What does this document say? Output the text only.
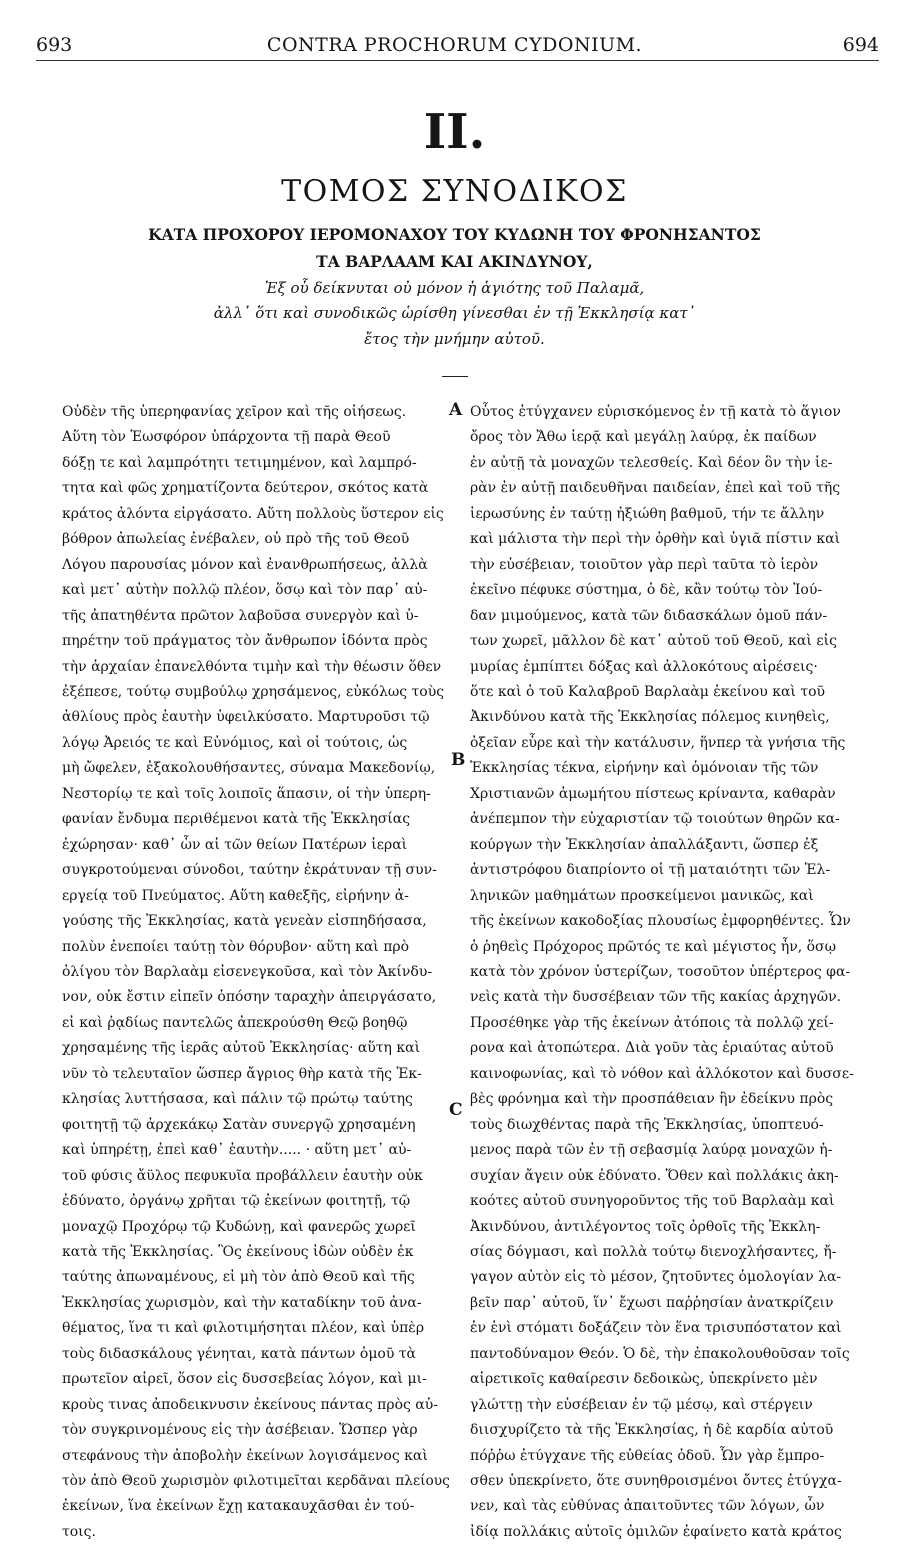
693	CONTRA PROCHORUM CYDONIUM.	694
II.
ΤΟΜΟΣ ΣΥΝΟΔΙΚΟΣ
ΚΑΤΑ ΠΡΟΧΟΡΟΥ ΙΕΡΟΜΟΝΑΧΟΥ ΤΟΥ ΚΥΔΩΝΗ ΤΟΥ ΦΡΟΝΗΣΑΝΤΟΣ
ΤΑ ΒΑΡΛΑΑΜ ΚΑΙ ΑΚΙΝΔΥΝΟΥ,
Ἐξ οὗ δείκνυται οὐ μόνον ἡ ἁγιότης τοῦ Παλαμᾶ,
ἀλλ᾿ ὅτι καὶ συνοδικῶς ὡρίσθη γίνεσθαι ἐν τῇ Ἐκκλησίᾳ κατ᾿
ἔτος τὴν μνήμην αὐτοῦ.
Οὐδὲν τῆς ὑπερηφανίας χεῖρον καὶ τῆς οἰήσεως.
Αὕτη τὸν Ἑωσφόρον ὑπάρχοντα τῇ παρὰ Θεοῦ
δόξῃ τε καὶ λαμπρότητι τετιμημένον, καὶ λαμπρό-
τητα καὶ φῶς χρηματίζοντα δεύτερον, σκότος κατὰ
κράτος ἀλόντα εἰργάσατο. Αὕτη πολλοὺς ὕστερον εἰς
βόθρον ἀπωλείας ἐνέβαλεν, οὐ πρὸ τῆς τοῦ Θεοῦ
Λόγου παρουσίας μόνον καὶ ἐνανθρωπήσεως, ἀλλὰ
καὶ μετ᾿ αὐτὴν πολλῷ πλέον, ὅσῳ καὶ τὸν παρ᾿ αὐ-
τῆς ἀπατηθέντα πρῶτον λαβοῦσα συνεργὸν καὶ ὑ-
πηρέτην τοῦ πράγματος τὸν ἄνθρωπον ἰδόντα πρὸς
τὴν ἀρχαίαν ἐπανελθόντα τιμὴν καὶ τὴν θέωσιν ὅθεν
ἐξέπεσε, τούτῳ συμβούλῳ χρησάμενος, εὐκόλως τοὺς
ἀθλίους πρὸς ἑαυτὴν ὑφειλκύσατο. Μαρτυροῦσι τῷ
λόγῳ Ἀρειός τε καὶ Εὐνόμιος, καὶ οἱ τούτοις, ὡς
μὴ ὤφελεν, ἐξακολουθήσαντες, σύναμα Μακεδονίῳ,
Νεστορίῳ τε καὶ τοῖς λοιποῖς ἅπασιν, οἱ τὴν ὑπερη-
φανίαν ἔνδυμα περιθέμενοι κατὰ τῆς Ἐκκλησίας
ἐχώρησαν· καθ᾿ ὧν αἱ τῶν θείων Πατέρων ἱεραὶ
συγκροτούμεναι σύνοδοι, ταύτην ἐκράτυναν τῇ συν-
εργείᾳ τοῦ Πνεύματος. Αὕτη καθεξῆς, εἰρήνην ἀ-
γούσης τῆς Ἐκκλησίας, κατὰ γενεὰν εἰσπηδήσασα,
πολὺν ἐνεποίει ταύτῃ τὸν θόρυβον· αὕτη καὶ πρὸ
ὀλίγου τὸν Βαρλαὰμ εἰσενεγκοῦσα, καὶ τὸν Ἀκίνδυ-
νον, οὐκ ἔστιν εἰπεῖν ὁπόσην ταραχὴν ἀπειργάσατο,
εἰ καὶ ῥᾳδίως παντελῶς ἀπεκρούσθη Θεῷ βοηθῷ
χρησαμένης τῆς ἱερᾶς αὐτοῦ Ἐκκλησίας· αὕτη καὶ
νῦν τὸ τελευταῖον ὥσπερ ἄγριος θὴρ κατὰ τῆς Ἐκ-
κλησίας λυττήσασα, καὶ πάλιν τῷ πρώτῳ ταύτης
φοιτητῇ τῷ ἀρχεκάκῳ Σατὰν συνεργῷ χρησαμένη
καὶ ὑπηρέτῃ, ἐπεὶ καθ᾿ ἑαυτὴν..... · αὕτη μετ᾿ αὐ-
τοῦ φύσις ἄϋλος πεφυκυῖα προβάλλειν ἑαυτὴν οὐκ
ἐδύνατο, ὀργάνῳ χρῆται τῷ ἐκείνων φοιτητῇ, τῷ
μοναχῷ Προχόρῳ τῷ Κυδώνῃ, καὶ φανερῶς χωρεῖ
κατὰ τῆς Ἐκκλησίας. Ὃς ἐκείνους ἰδὼν οὐδὲν ἐκ
ταύτης ἀπωναμένους, εἰ μὴ τὸν ἀπὸ Θεοῦ καὶ τῆς
Ἐκκλησίας χωρισμὸν, καὶ τὴν καταδίκην τοῦ ἀνα-
θέματος, ἵνα τι καὶ φιλοτιμήσηται πλέον, καὶ ὑπὲρ
τοὺς διδασκάλους γένηται, κατὰ πάντων ὁμοῦ τὰ
πρωτεῖον αἱρεῖ, ὅσον εἰς δυσσεβείας λόγον, καὶ μι-
κροὺς τινας ἀποδεικνυσιν ἐκείνους πάντας πρὸς αὐ-
τὸν συγκρινομένους εἰς τὴν ἀσέβειαν. Ὥσπερ γὰρ
στεφάνους τὴν ἀποβολὴν ἐκείνων λογισάμενος καὶ
τὸν ἀπὸ Θεοῦ χωρισμὸν φιλοτιμεῖται κερδᾶναι πλείους
ἐκείνων, ἵνα ἐκείνων ἔχῃ κατακαυχᾶσθαι ἐν τού-
τοις.
Οὗτος ἐτύγχανεν εὑρισκόμενος ἐν τῇ κατὰ τὸ ἅγιον
ὄρος τὸν Ἄθω ἱερᾷ καὶ μεγάλῃ λαύρᾳ, ἐκ παίδων
ἐν αὐτῇ τὰ μοναχῶν τελεσθείς. Καὶ δέον ὃν τὴν ἱε-
ρὰν ἐν αὐτῇ παιδευθῆναι παιδείαν, ἐπεὶ καὶ τοῦ τῆς
ἱερωσύνης ἐν ταύτῃ ἠξιώθη βαθμοῦ, τήν τε ἄλλην
καὶ μάλιστα τὴν περὶ τὴν ὀρθὴν καὶ ὑγιᾶ πίστιν καὶ
τὴν εὐσέβειαν, τοιοῦτον γὰρ περὶ ταῦτα τὸ ἱερὸν
ἐκεῖνο πέφυκε σύστημα, ὁ δὲ, κἂν τούτῳ τὸν Ἰού-
δαν μιμούμενος, κατὰ τῶν διδασκάλων ὁμοῦ πάν-
των χωρεῖ, μᾶλλον δὲ κατ᾿ αὐτοῦ τοῦ Θεοῦ, καὶ εἰς
μυρίας ἐμπίπτει δόξας καὶ ἀλλοκότους αἱρέσεις·
ὅτε καὶ ὁ τοῦ Καλαβροῦ Βαρλαὰμ ἐκείνου καὶ τοῦ
Ἀκινδύνου κατὰ τῆς Ἐκκλησίας πόλεμος κινηθεὶς,
ὀξεῖαν εὗρε καὶ τὴν κατάλυσιν, ἥνπερ τὰ γνήσια τῆς
Ἐκκλησίας τέκνα, εἰρήνην καὶ ὁμόνοιαν τῆς τῶν
Χριστιανῶν ἀμωμήτου πίστεως κρίναντα, καθαρὰν
ἀνέπεμπον τὴν εὐχαριστίαν τῷ τοιούτων θηρῶν κα-
κούργων τὴν Ἐκκλησίαν ἀπαλλάξαντι, ὥσπερ ἐξ
ἀντιστρόφου διαπρίοντο οἱ τῇ ματαιότητι τῶν Ἑλ-
ληνικῶν μαθημάτων προσκείμενοι μανικῶς, καὶ
τῆς ἐκείνων κακοδοξίας πλουσίως ἐμφορηθέντες. Ὧν
ὁ ῥηθεὶς Πρόχορος πρῶτός τε καὶ μέγιστος ἦν, ὅσῳ
κατὰ τὸν χρόνον ὑστερίζων, τοσοῦτον ὑπέρτερος φα-
νεὶς κατὰ τὴν δυσσέβειαν τῶν τῆς κακίας ἀρχηγῶν.
Προσέθηκε γὰρ τῆς ἐκείνων ἀτόποις τὰ πολλῷ χεί-
ρονα καὶ ἀτοπώτερα. Διὰ γοῦν τὰς ἐριαύτας αὐτοῦ
καινοφωνίας, καὶ τὸ νόθον καὶ ἀλλόκοτον καὶ δυσσε-
βὲς φρόνημα καὶ τὴν προσπάθειαν ἣν ἐδείκνυ πρὸς
τοὺς διωχθέντας παρὰ τῆς Ἐκκλησίας, ὑποπτευό-
μενος παρὰ τῶν ἐν τῇ σεβασμίᾳ λαύρᾳ μοναχῶν ἡ-
συχίαν ἄγειν οὐκ ἐδύνατο. Ὅθεν καὶ πολλάκις ἀκη-
κοότες αὐτοῦ συνηγοροῦντος τῆς τοῦ Βαρλαὰμ καὶ
Ἀκινδύνου, ἀντιλέγοντος τοῖς ὀρθοῖς τῆς Ἐκκλη-
σίας δόγμασι, καὶ πολλὰ τούτῳ διενοχλήσαντες, ἤ-
γαγον αὐτὸν εἰς τὸ μέσον, ζητοῦντες ὁμολογίαν λα-
βεῖν παρ᾿ αὐτοῦ, ἵν᾿ ἔχωσι παῤῥησίαν ἀνατκρίζειν
ἐν ἑνὶ στόματι δοξάζειν τὸν ἕνα τρισυπόστατον καὶ
παντοδύναμον Θεόν. Ὁ δὲ, τὴν ἐπακολουθοῦσαν τοῖς
αἱρετικοῖς καθαίρεσιν δεδοικὼς, ὑπεκρίνετο μὲν
γλώττῃ τὴν εὐσέβειαν ἐν τῷ μέσῳ, καὶ στέργειν
διισχυρίζετο τὰ τῆς Ἐκκλησίας, ἡ δὲ καρδία αὐτοῦ
πόῤῥω ἐτύγχανε τῆς εὐθείας ὁδοῦ. Ὧν γὰρ ἔμπρο-
σθεν ὑπεκρίνετο, ὅτε συνηθροισμένοι ὄντες ἐτύγχα-
νεν, καὶ τὰς εὐθύνας ἀπαιτοῦντες τῶν λόγων, ὧν
ἰδίᾳ πολλάκις αὐτοῖς ὁμιλῶν ἐφαίνετο κατὰ κράτος
A
B
C
